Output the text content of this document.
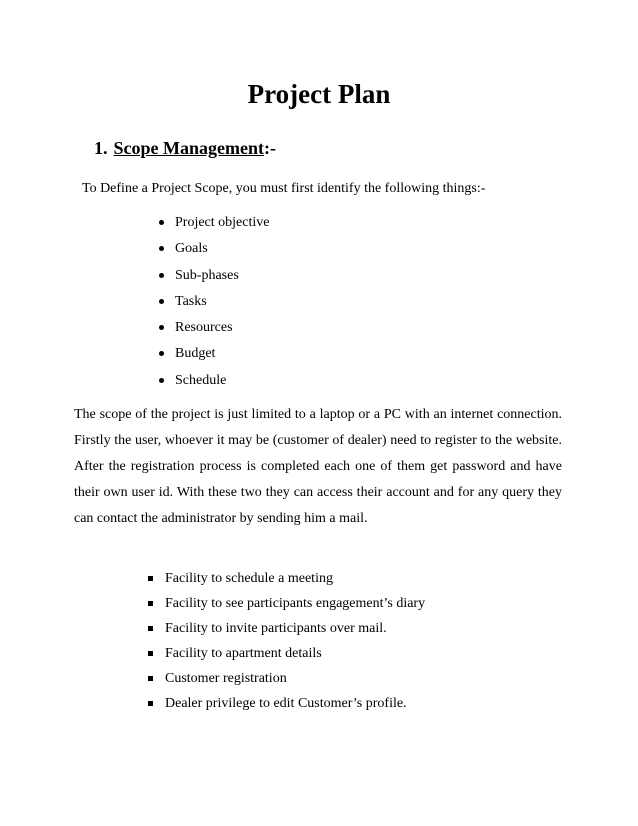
Project Plan
1. Scope Management:-
To Define a Project Scope, you must first identify the following things:-
Project objective
Goals
Sub-phases
Tasks
Resources
Budget
Schedule

The scope of the project is just limited to a laptop or a PC with an internet connection. Firstly the user, whoever it may be (customer of dealer) need to register to the website. After the registration process is completed each one of them get password and have their own user id. With these two they can access their account and for any query they can contact the administrator by sending him a mail.

Facility to schedule a meeting
Facility to see participants engagement’s diary
Facility to invite participants over mail.
Facility to apartment details
Customer registration
Dealer privilege to edit Customer’s profile.
